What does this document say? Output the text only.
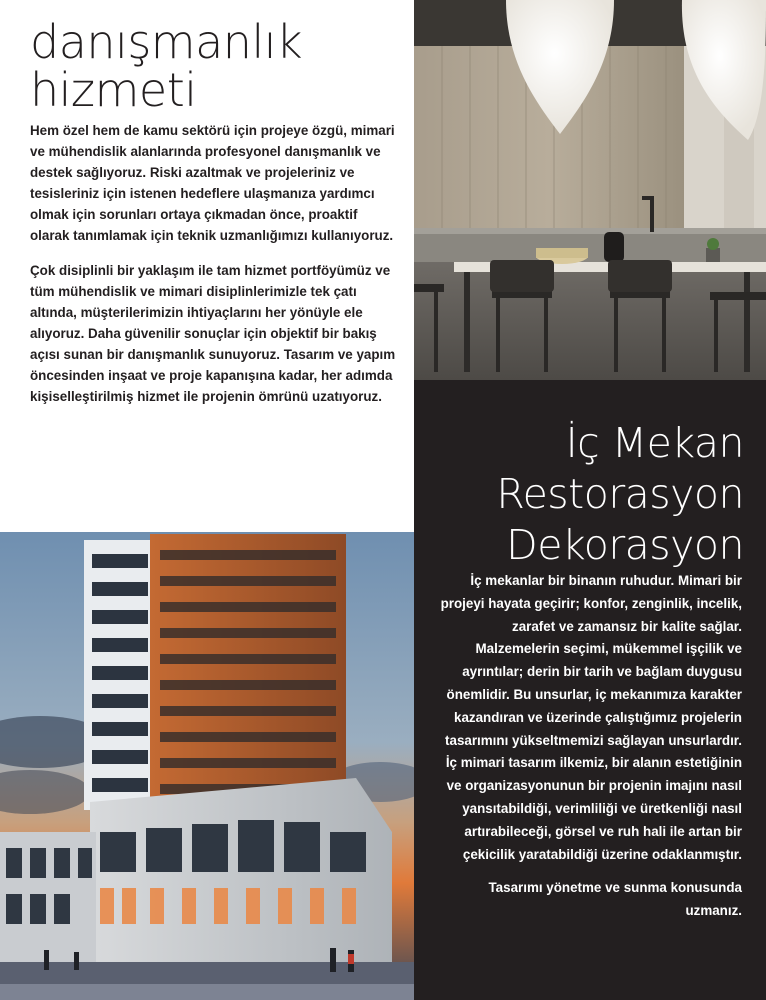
danışmanlık
hizmeti

Hem özel hem de kamu sektörü için projeye özgü, mimari ve mühendislik alanlarında profesyonel danışmanlık ve destek sağlıyoruz. Riski azaltmak ve projeleriniz ve tesisleriniz için istenen hedeflere ulaşmanıza yardımcı olmak için sorunları ortaya çıkmadan önce, proaktif olarak tanımlamak için teknik uzmanlığımızı kullanıyoruz.

Çok disiplinli bir yaklaşım ile tam hizmet portföyümüz ve tüm mühendislik ve mimari disiplinlerimizle tek çatı altında, müşterilerimizin ihtiyaçlarını her yönüyle ele alıyoruz. Daha güvenilir sonuçlar için objektif bir bakış açısı sunan bir danışmanlık sunuyoruz. Tasarım ve yapım öncesinden inşaat ve proje kapanışına kadar, her adımda kişiselleştirilmiş hizmet ile projenin ömrünü uzatıyoruz.

İç Mekan
Restorasyon
Dekorasyon

İç mekanlar bir binanın ruhudur. Mimari bir projeyi hayata geçirir; konfor, zenginlik, incelik, zarafet ve zamansız bir kalite sağlar. Malzemelerin seçimi, mükemmel işçilik ve ayrıntılar; derin bir tarih ve bağlam duygusu önemlidir. Bu unsurlar, iç mekanımıza karakter kazandıran ve üzerinde çalıştığımız projelerin tasarımını yükseltmemizi sağlayan unsurlardır. İç mimari tasarım ilkemiz, bir alanın estetiğinin ve organizasyonunun bir projenin imajını nasıl yansıtabildiği, verimliliği ve üretkenliği nasıl artırabileceği, görsel ve ruh hali ile artan bir çekicilik yaratabildiği üzerine odaklanmıştır.

Tasarımı yönetme ve sunma konusunda uzmanız.
